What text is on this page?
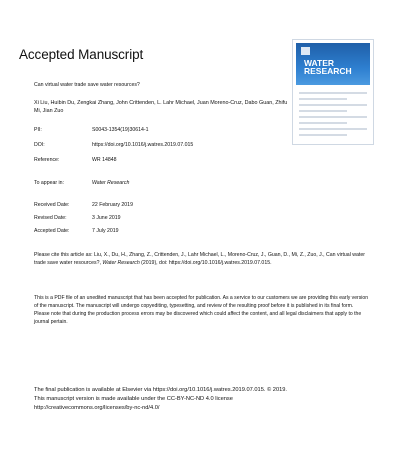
Accepted Manuscript
WATER
RESEARCH
Can virtual water trade save water resources?
Xi Liu, Huibin Du, Zengkai Zhang, John Crittenden, L. Lahr Michael, Juan Moreno-Cruz, Dabo Guan, Zhifu Mi, Jian Zuo
PII:	S0043-1354(19)30614-1
DOI:	https://doi.org/10.1016/j.watres.2019.07.015
Reference:	WR 14848
To appear in:	Water Research
Received Date:	22 February 2019
Revised Date:	3 June 2019
Accepted Date:	7 July 2019
Please cite this article as: Liu, X., Du, H., Zhang, Z., Crittenden, J., Lahr Michael, L., Moreno-Cruz, J., Guan, D., Mi, Z., Zuo, J., Can virtual water trade save water resources?, Water Research (2019), doi: https://doi.org/10.1016/j.watres.2019.07.015.
This is a PDF file of an unedited manuscript that has been accepted for publication. As a service to our customers we are providing this early version of the manuscript. The manuscript will undergo copyediting, typesetting, and review of the resulting proof before it is published in its final form. Please note that during the production process errors may be discovered which could affect the content, and all legal disclaimers that apply to the journal pertain.
The final publication is available at Elsevier via https://doi.org/10.1016/j.watres.2019.07.015. © 2019.
This manuscript version is made available under the CC-BY-NC-ND 4.0 license
http://creativecommons.org/licenses/by-nc-nd/4.0/
